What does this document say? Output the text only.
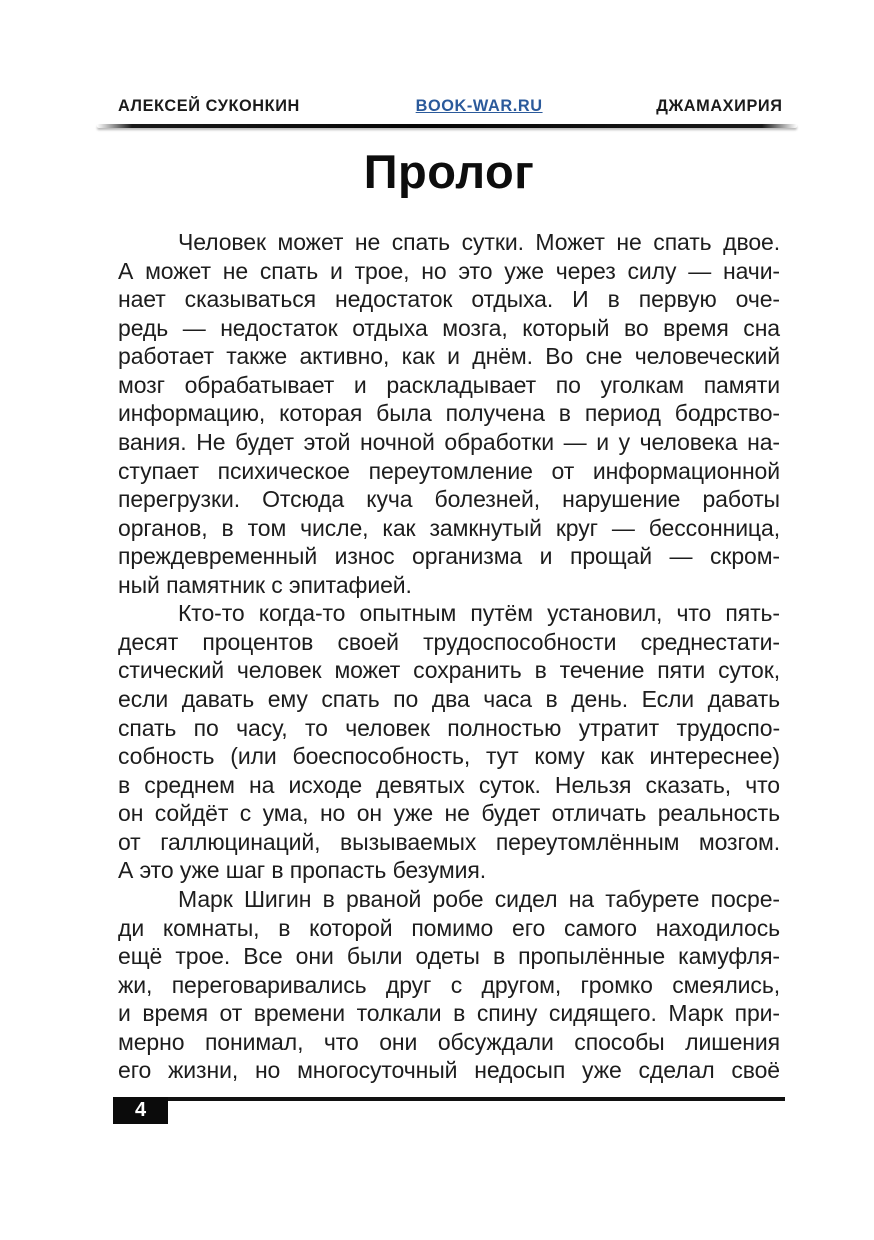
АЛЕКСЕЙ СУКОНКИН	BOOK-WAR.RU	ДЖАМАХИРИЯ
Пролог
Человек может не спать сутки. Может не спать двое.
А может не спать и трое, но это уже через силу — начи-
нает сказываться недостаток отдыха. И в первую оче-
редь — недостаток отдыха мозга, который во время сна
работает также активно, как и днём. Во сне человеческий
мозг обрабатывает и раскладывает по уголкам памяти
информацию, которая была получена в период бодрство-
вания. Не будет этой ночной обработки — и у человека на-
ступает психическое переутомление от информационной
перегрузки. Отсюда куча болезней, нарушение работы
органов, в том числе, как замкнутый круг — бессонница,
преждевременный износ организма и прощай — скром-
ный памятник с эпитафией.
Кто-то когда-то опытным путём установил, что пять-
десят процентов своей трудоспособности среднестати-
стический человек может сохранить в течение пяти суток,
если давать ему спать по два часа в день. Если давать
спать по часу, то человек полностью утратит трудоспо-
собность (или боеспособность, тут кому как интереснее)
в среднем на исходе девятых суток. Нельзя сказать, что
он сойдёт с ума, но он уже не будет отличать реальность
от галлюцинаций, вызываемых переутомлённым мозгом.
А это уже шаг в пропасть безумия.
Марк Шигин в рваной робе сидел на табурете посре-
ди комнаты, в которой помимо его самого находилось
ещё трое. Все они были одеты в пропылённые камуфля-
жи, переговаривались друг с другом, громко смеялись,
и время от времени толкали в спину сидящего. Марк при-
мерно понимал, что они обсуждали способы лишения
его жизни, но многосуточный недосып уже сделал своё
4
